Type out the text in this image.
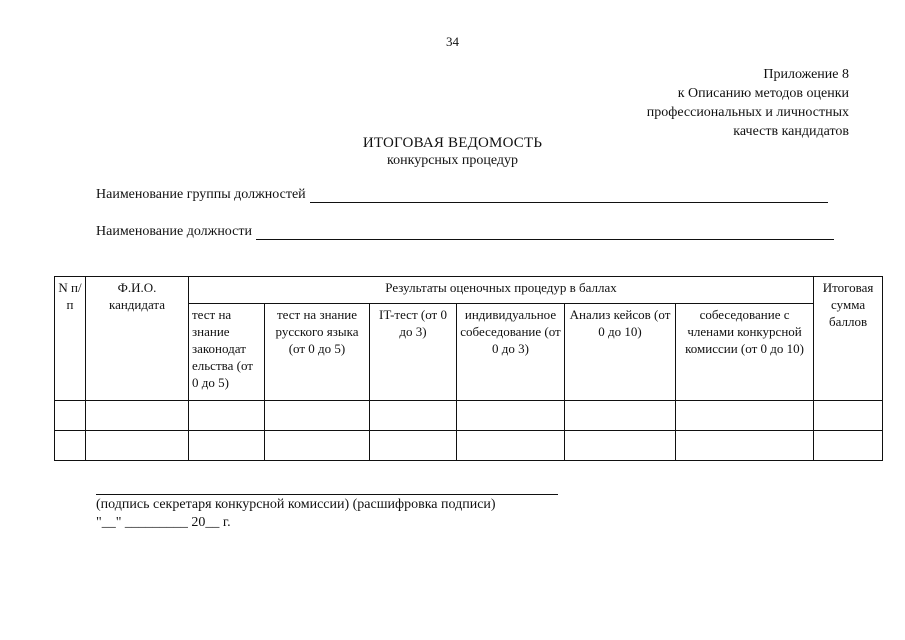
34
Приложение 8
к Описанию методов оценки
профессиональных и личностных
качеств кандидатов
ИТОГОВАЯ ВЕДОМОСТЬ
конкурсных процедур
Наименование группы должностей
Наименование должности
N п/п	Ф.И.О. кандидата	Результаты оценочных процедур в баллах						Итоговая сумма баллов
		тест на знание законодат ельства (от 0 до 5)	тест на знание русского языка (от 0 до 5)	IT-тест (от 0 до 3)	индивидуальное собеседование (от 0 до 3)	Анализ кейсов (от 0 до 10)	собеседование с членами конкурсной комиссии (от 0 до 10)	

(подпись секретаря конкурсной комиссии) (расшифровка подписи)
"__" _________ 20__ г.
